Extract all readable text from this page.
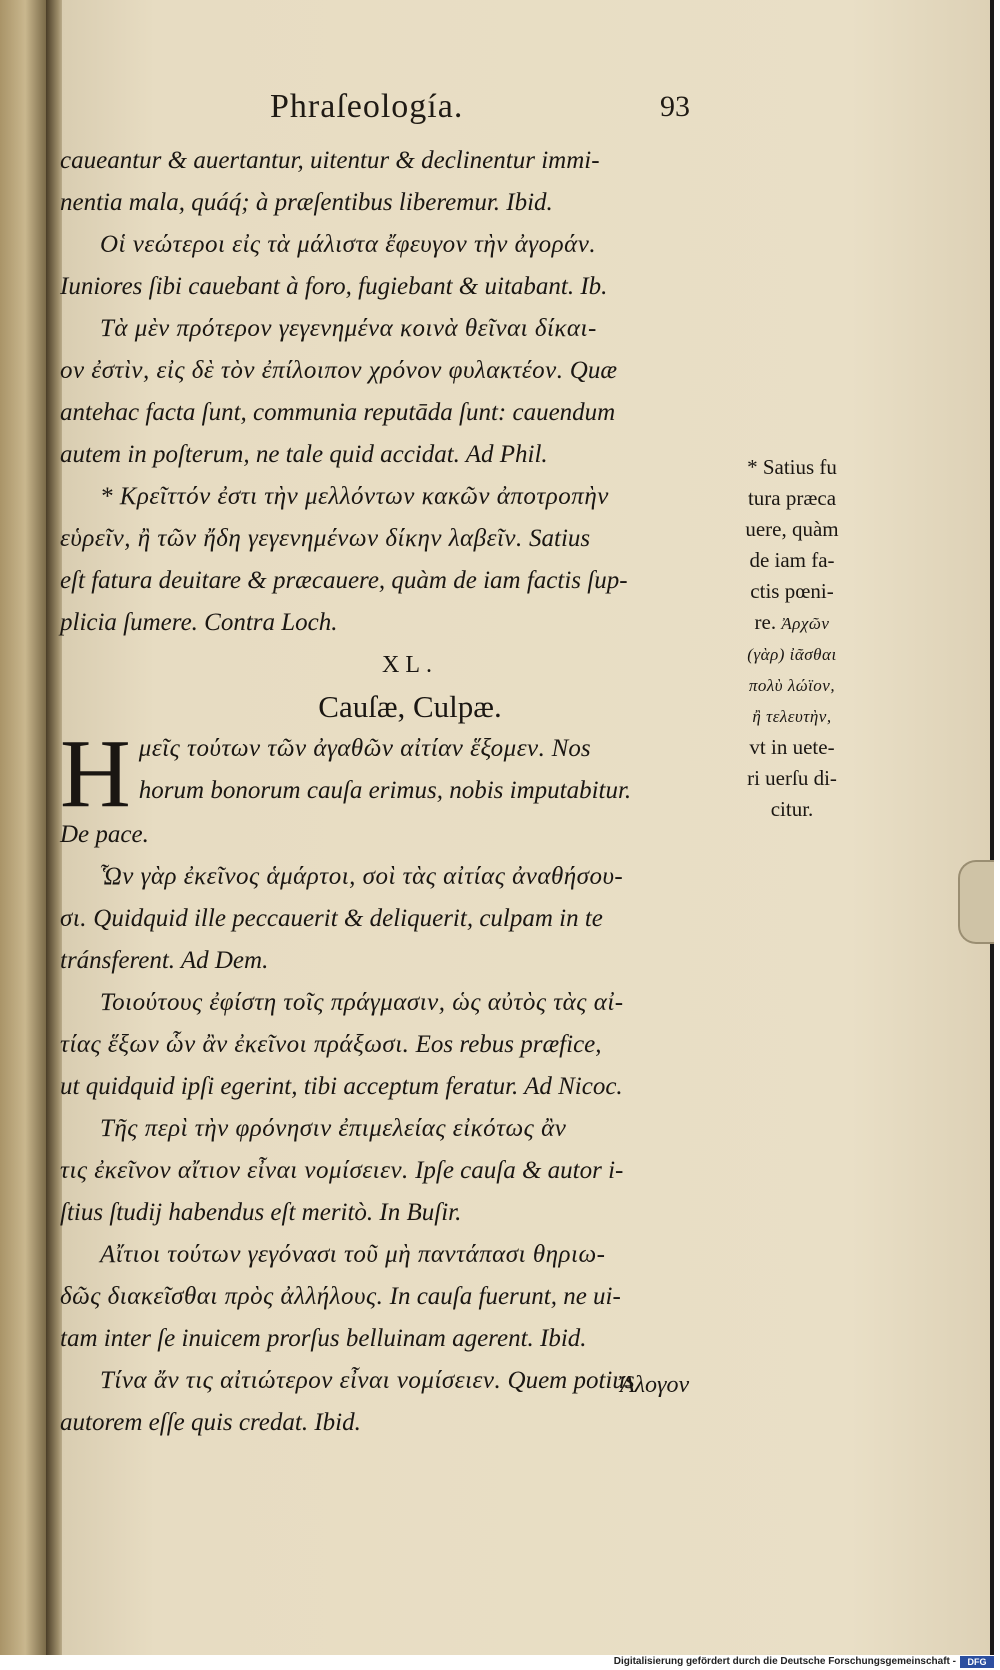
Phraſeología.	93

caueantur & auertantur, uitentur & declinentur immi-

nentia mala, quáq́; à præſentibus liberemur. Ibid.

Οἱ νεώτεροι εἰς τὰ μάλιστα ἔφευγον τὴν ἀγοράν.

Iuniores ſibi cauebant à foro, fugiebant & uitabant. Ib.

Τὰ μὲν πρότερον γεγενημένα κοινὰ θεῖναι δίκαι-

ον ἐστὶν, εἰς δὲ τὸν ἐπίλοιπον χρόνον φυλακτέον. Quæ

antehac facta ſunt, communia reputāda ſunt: cauendum

autem in poſterum, ne tale quid accidat. Ad Phil.

* Κρεῖττόν ἐστι τὴν μελλόντων κακῶν ἀποτροπὴν

εὑρεῖν, ἢ τῶν ἤδη γεγενημένων δίκην λαβεῖν. Satius

eſt fatura deuitare & præcauere, quàm de iam factis ſup-

plicia ſumere. Contra Loch.

XL.

Cauſæ, Culpæ.

H μεῖς τούτων τῶν ἀγαθῶν αἰτίαν ἕξομεν. Nos

horum bonorum cauſa erimus, nobis imputabitur.

De pace.

Ὧν γὰρ ἐκεῖνος ἁμάρτοι, σοὶ τὰς αἰτίας ἀναθήσου-

σι. Quidquid ille peccauerit & deliquerit, culpam in te

tránsferent. Ad Dem.

Τοιούτους ἐφίστη τοῖς πράγμασιν, ὡς αὐτὸς τὰς αἰ-

τίας ἕξων ὧν ἂν ἐκεῖνοι πράξωσι. Eos rebus præfice,

ut quidquid ipſi egerint, tibi acceptum feratur. Ad Nicoc.

Τῆς περὶ τὴν φρόνησιν ἐπιμελείας εἰκότως ἂν

τις ἐκεῖνον αἴτιον εἶναι νομίσειεν. Ipſe cauſa & autor i-

ſtius ſtudij habendus eſt meritò. In Buſir.

Αἴτιοι τούτων γεγόνασι τοῦ μὴ παντάπασι θηριω-

δῶς διακεῖσθαι πρὸς ἀλλήλους. In cauſa fuerunt, ne ui-

tam inter ſe inuicem prorſus belluinam agerent. Ibid.

Τίνα ἄν τις αἰτιώτερον εἶναι νομίσειεν. Quem potius

autorem eſſe quis credat. Ibid.

* Satius fu
tura præca
uere, quàm
de iam fa-
ctis pœni-
re. Ἀρχῶν
(γὰρ) ἰᾶσθαι
πολὺ λώϊον,
ἢ τελευτὴν,
vt in uete-
ri uerſu di-
citur.
Ἄλογον
Digitalisierung gefördert durch die Deutsche Forschungsgemeinschaft -	DFG
